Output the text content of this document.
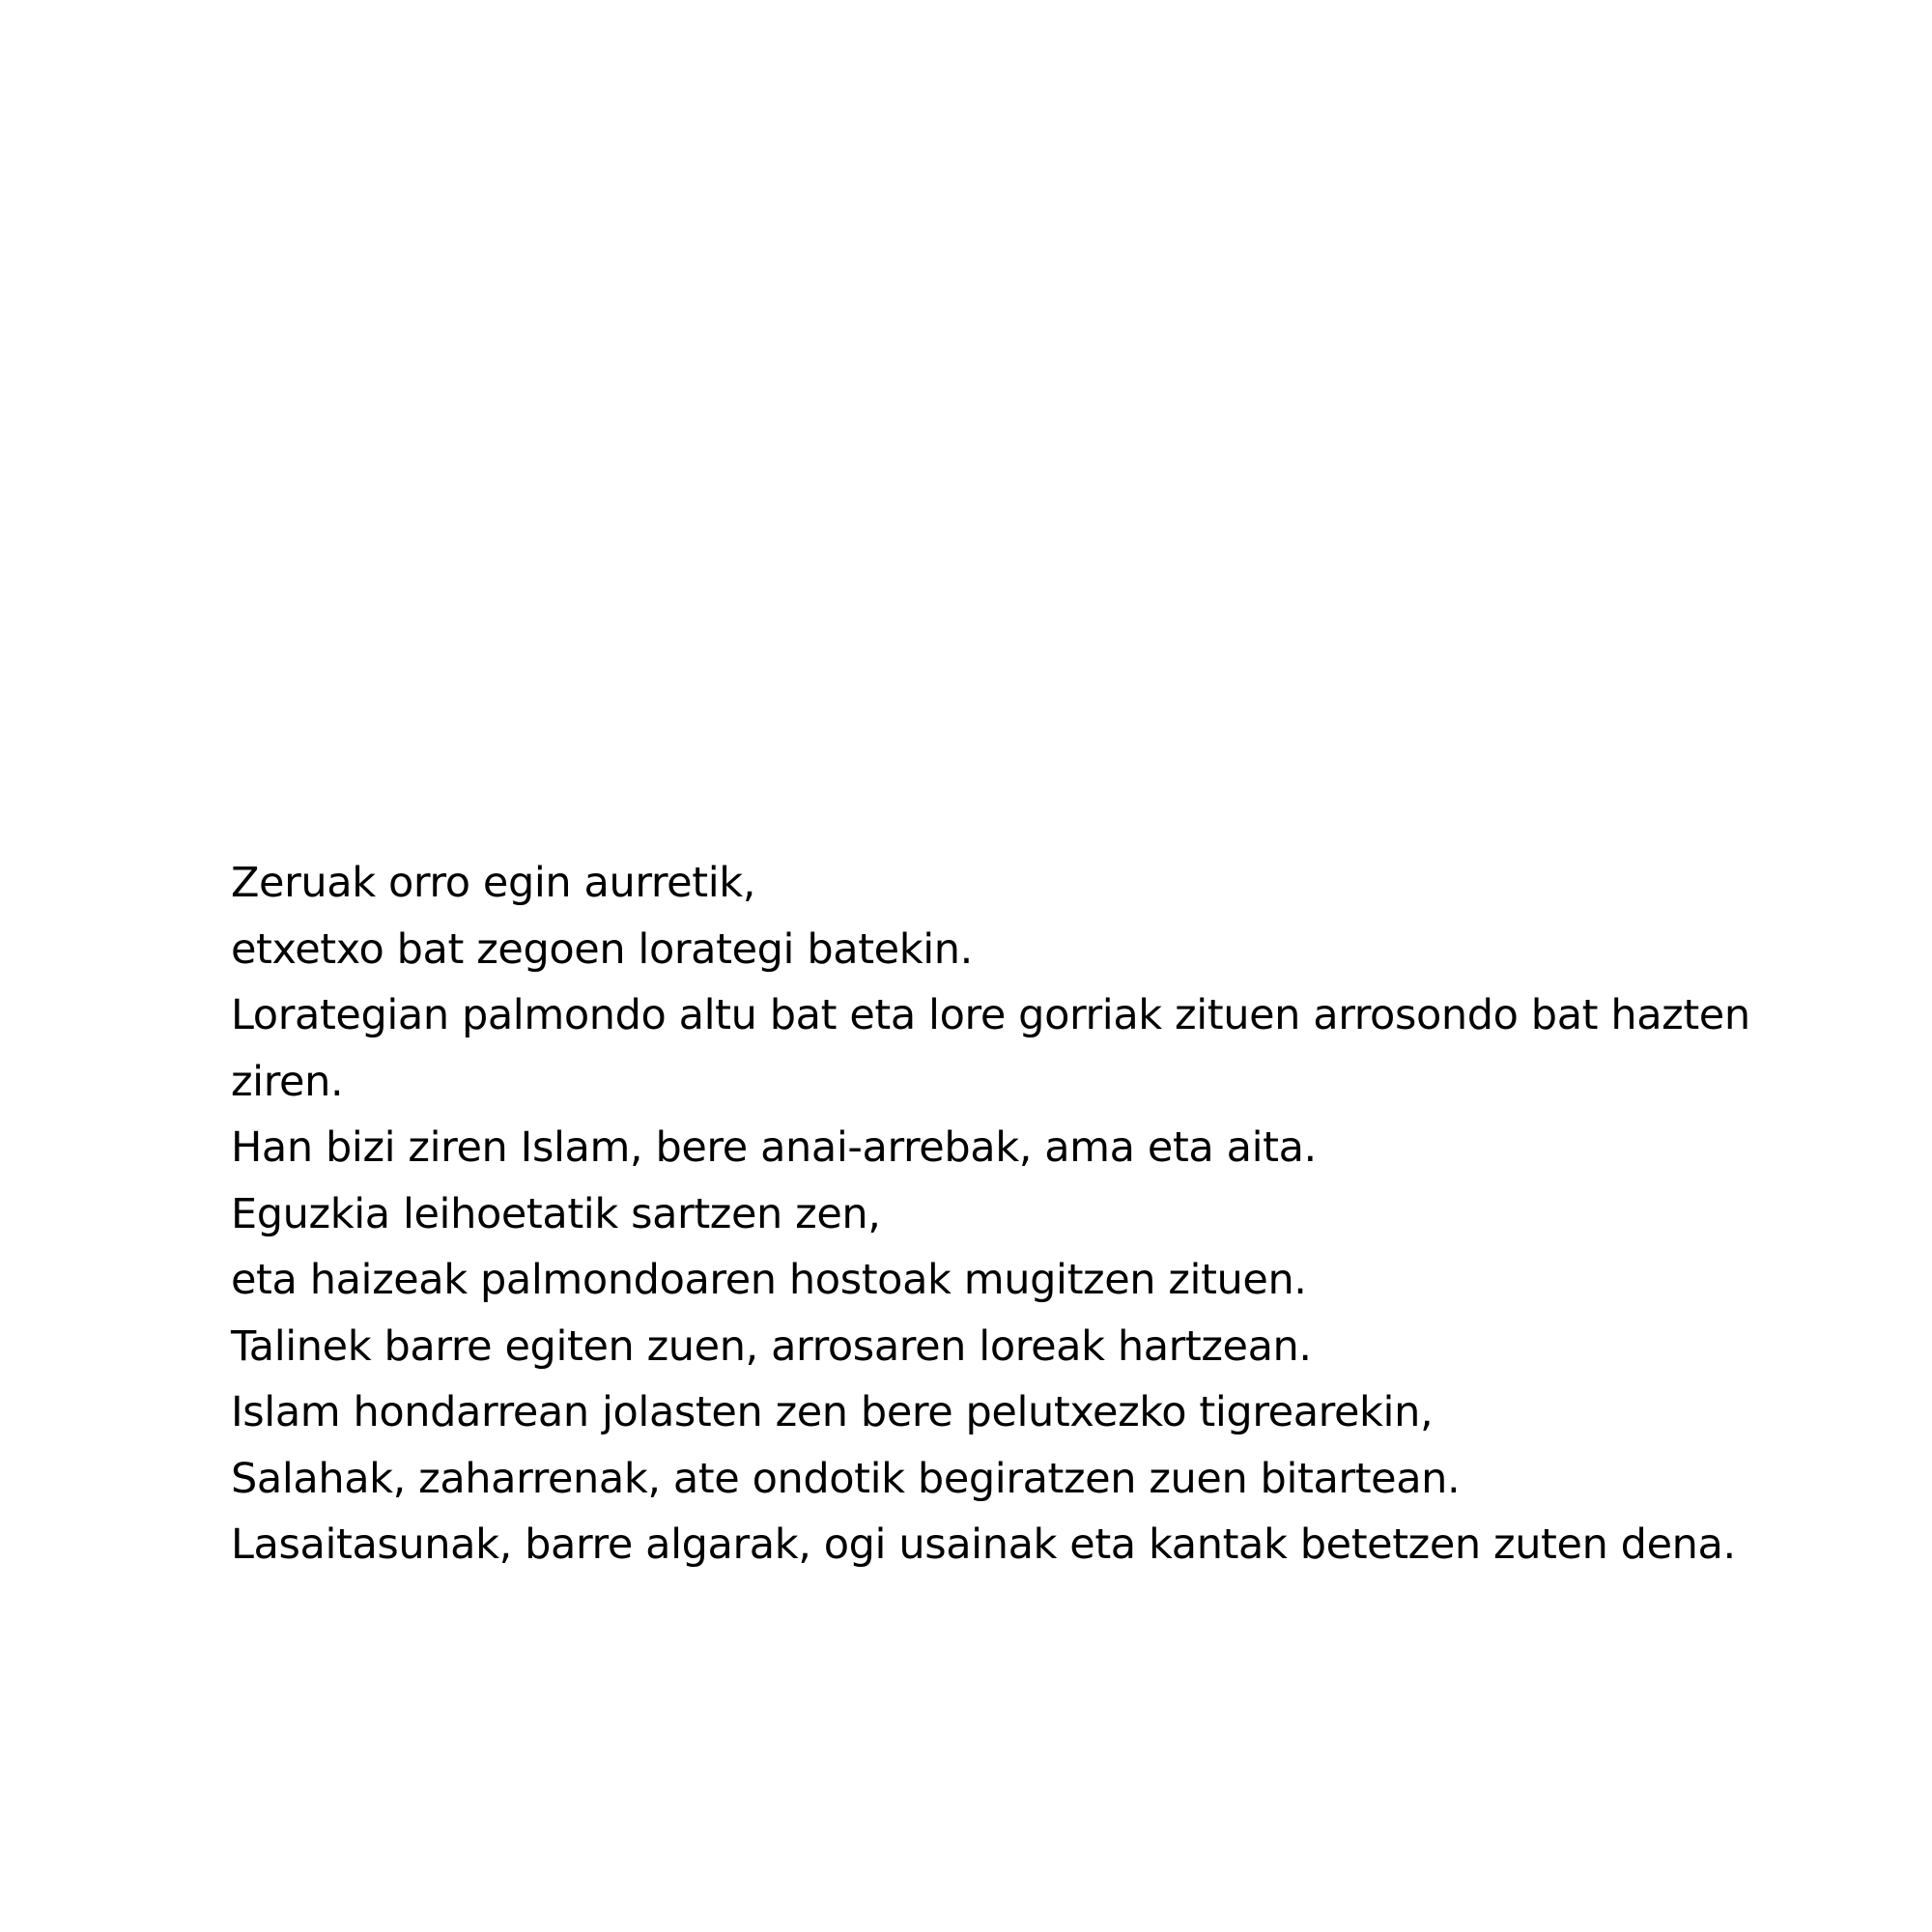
Zeruak orro egin aurretik,

etxetxo bat zegoen lorategi batekin.

Lorategian palmondo altu bat eta lore gorriak zituen arrosondo bat hazten

ziren.

Han bizi ziren Islam, bere anai-arrebak, ama eta aita.

Eguzkia leihoetatik sartzen zen,

eta haizeak palmondoaren hostoak mugitzen zituen.

Talinek barre egiten zuen, arrosaren loreak hartzean.

Islam hondarrean jolasten zen bere pelutxezko tigrearekin,

Salahak, zaharrenak, ate ondotik begiratzen zuen bitartean.

Lasaitasunak, barre algarak, ogi usainak eta kantak betetzen zuten dena.
